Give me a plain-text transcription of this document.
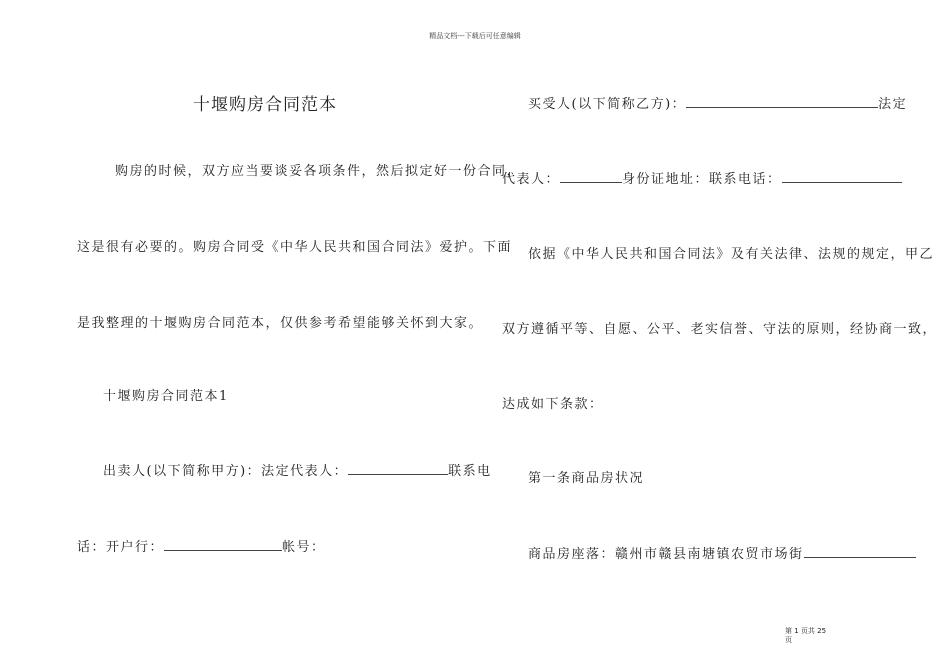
精品文档---下载后可任意编辑
十堰购房合同范本
购房的时候，双方应当要谈妥各项条件，然后拟定好一份合同，
这是很有必要的。购房合同受《中华人民共和国合同法》爱护。下面
是我整理的十堰购房合同范本，仅供参考希望能够关怀到大家。
十堰购房合同范本1
出卖人(以下简称甲方)：法定代表人：	联系电
话：开户行：	帐号：
买受人(以下简称乙方)：	法定
代表人：	身份证地址：联系电话：
依据《中华人民共和国合同法》及有关法律、法规的规定，甲乙
双方遵循平等、自愿、公平、老实信誉、守法的原则，经协商一致，
达成如下条款：
第一条商品房状况
商品房座落：赣州市赣县南塘镇农贸市场街
第 1 页共 25 页
